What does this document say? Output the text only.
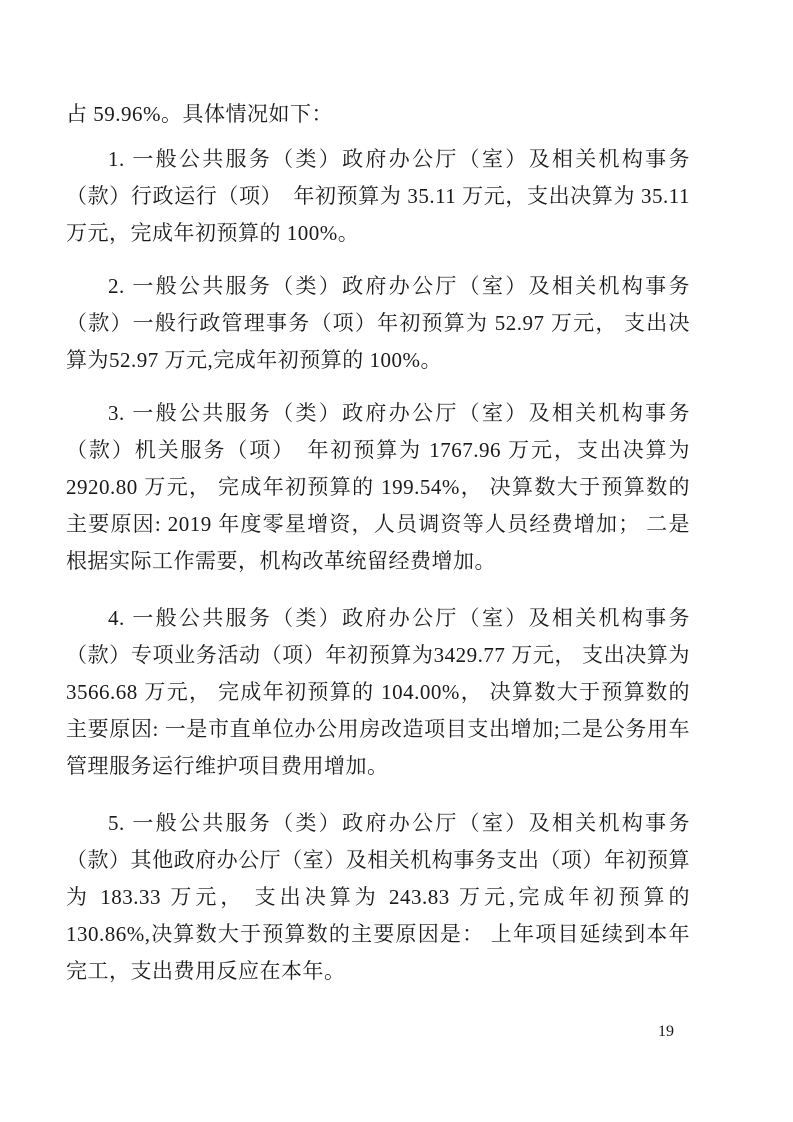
占 59.96%。具体情况如下：

1. 一般公共服务（类）政府办公厅（室）及相关机构事务（款）行政运行（项）　年初预算为 35.11 万元，支出决算为 35.11 万元，完成年初预算的 100%。

2. 一般公共服务（类）政府办公厅（室）及相关机构事务（款）一般行政管理事务（项）年初预算为 52.97 万元， 支出决算为52.97 万元,完成年初预算的 100%。

3. 一般公共服务（类）政府办公厅（室）及相关机构事务（款）机关服务（项）　年初预算为 1767.96 万元，支出决算为 2920.80 万元， 完成年初预算的 199.54%， 决算数大于预算数的主要原因: 2019 年度零星增资，人员调资等人员经费增加； 二是根据实际工作需要，机构改革统留经费增加。

4. 一般公共服务（类）政府办公厅（室）及相关机构事务（款）专项业务活动（项）年初预算为3429.77 万元， 支出决算为3566.68 万元， 完成年初预算的 104.00%， 决算数大于预算数的主要原因: 一是市直单位办公用房改造项目支出增加;二是公务用车管理服务运行维护项目费用增加。

5. 一般公共服务（类）政府办公厅（室）及相关机构事务（款）其他政府办公厅（室）及相关机构事务支出（项）年初预算为 183.33 万元， 支出决算为 243.83 万元,完成年初预算的 130.86%,决算数大于预算数的主要原因是： 上年项目延续到本年完工，支出费用反应在本年。

19
